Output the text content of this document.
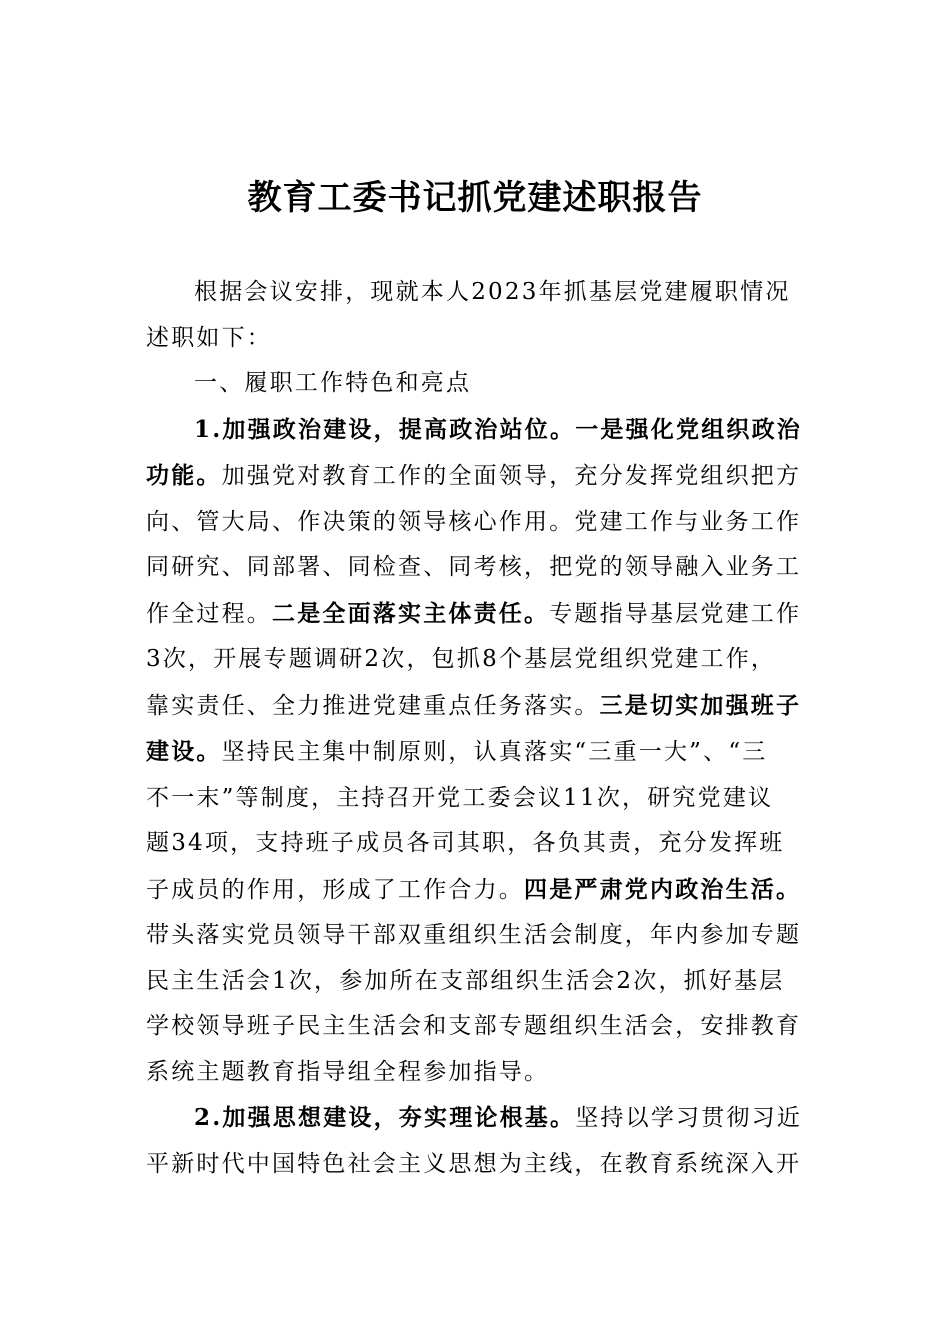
教育工委书记抓党建述职报告
根据会议安排，现就本人2023年抓基层党建履职情况
述职如下：
一、履职工作特色和亮点
1.加强政治建设，提高政治站位。一是强化党组织政治
功能。加强党对教育工作的全面领导，充分发挥党组织把方
向、管大局、作决策的领导核心作用。党建工作与业务工作
同研究、同部署、同检查、同考核，把党的领导融入业务工
作全过程。二是全面落实主体责任。专题指导基层党建工作
3次，开展专题调研2次，包抓8个基层党组织党建工作，
靠实责任、全力推进党建重点任务落实。三是切实加强班子
建设。坚持民主集中制原则，认真落实“三重一大”、“三
不一末”等制度，主持召开党工委会议11次，研究党建议
题34项，支持班子成员各司其职，各负其责，充分发挥班
子成员的作用，形成了工作合力。四是严肃党内政治生活。
带头落实党员领导干部双重组织生活会制度，年内参加专题
民主生活会1次，参加所在支部组织生活会2次，抓好基层
学校领导班子民主生活会和支部专题组织生活会，安排教育
系统主题教育指导组全程参加指导。
2.加强思想建设，夯实理论根基。坚持以学习贯彻习近
平新时代中国特色社会主义思想为主线，在教育系统深入开
